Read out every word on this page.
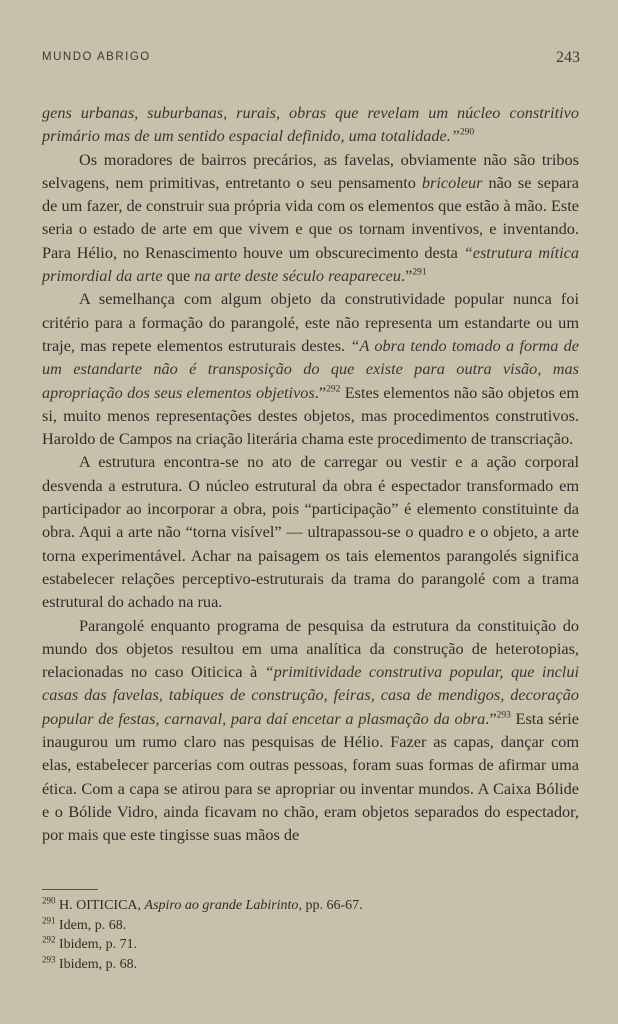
MUNDO ABRIGO	243

gens urbanas, suburbanas, rurais, obras que revelam um núcleo constritivo primário mas de um sentido espacial definido, uma totalidade.”$^{290}$

Os moradores de bairros precários, as favelas, obviamente não são tribos selvagens, nem primitivas, entretanto o seu pensamento bricoleur não se separa de um fazer, de construir sua própria vida com os elementos que estão à mão. Este seria o estado de arte em que vivem e que os tornam inventivos, e inventando. Para Hélio, no Renascimento houve um obscurecimento desta “estrutura mítica primordial da arte que na arte deste século reapareceu.”$^{291}$

A semelhança com algum objeto da construtividade popular nunca foi critério para a formação do parangolé, este não representa um estandarte ou um traje, mas repete elementos estruturais destes. “A obra tendo tomado a forma de um estandarte não é transposição do que existe para outra visão, mas apropriação dos seus elementos objetivos.”$^{292}$ Estes elementos não são objetos em si, muito menos representações destes objetos, mas procedimentos construtivos. Haroldo de Campos na criação literária chama este procedimento de transcriação.

A estrutura encontra-se no ato de carregar ou vestir e a ação corporal desvenda a estrutura. O núcleo estrutural da obra é espectador transformado em participador ao incorporar a obra, pois “participação” é elemento constituinte da obra. Aqui a arte não “torna visível” — ultrapassou-se o quadro e o objeto, a arte torna experimentável. Achar na paisagem os tais elementos parangolés significa estabelecer relações perceptivo-estruturais da trama do parangolé com a trama estrutural do achado na rua.

Parangolé enquanto programa de pesquisa da estrutura da constituição do mundo dos objetos resultou em uma analítica da construção de heterotopias, relacionadas no caso Oiticica à “primitividade construtiva popular, que inclui casas das favelas, tabiques de construção, feiras, casa de mendigos, decoração popular de festas, carnaval, para daí encetar a plasmação da obra.”$^{293}$ Esta série inaugurou um rumo claro nas pesquisas de Hélio. Fazer as capas, dançar com elas, estabelecer parcerias com outras pessoas, foram suas formas de afirmar uma ética. Com a capa se atirou para se apropriar ou inventar mundos. A Caixa Bólide e o Bólide Vidro, ainda ficavam no chão, eram objetos separados do espectador, por mais que este tingisse suas mãos de

$^{290}$ H. OITICICA, Aspiro ao grande Labirinto, pp. 66-67.
$^{291}$ Idem, p. 68.
$^{292}$ Ibidem, p. 71.
$^{293}$ Ibidem, p. 68.
